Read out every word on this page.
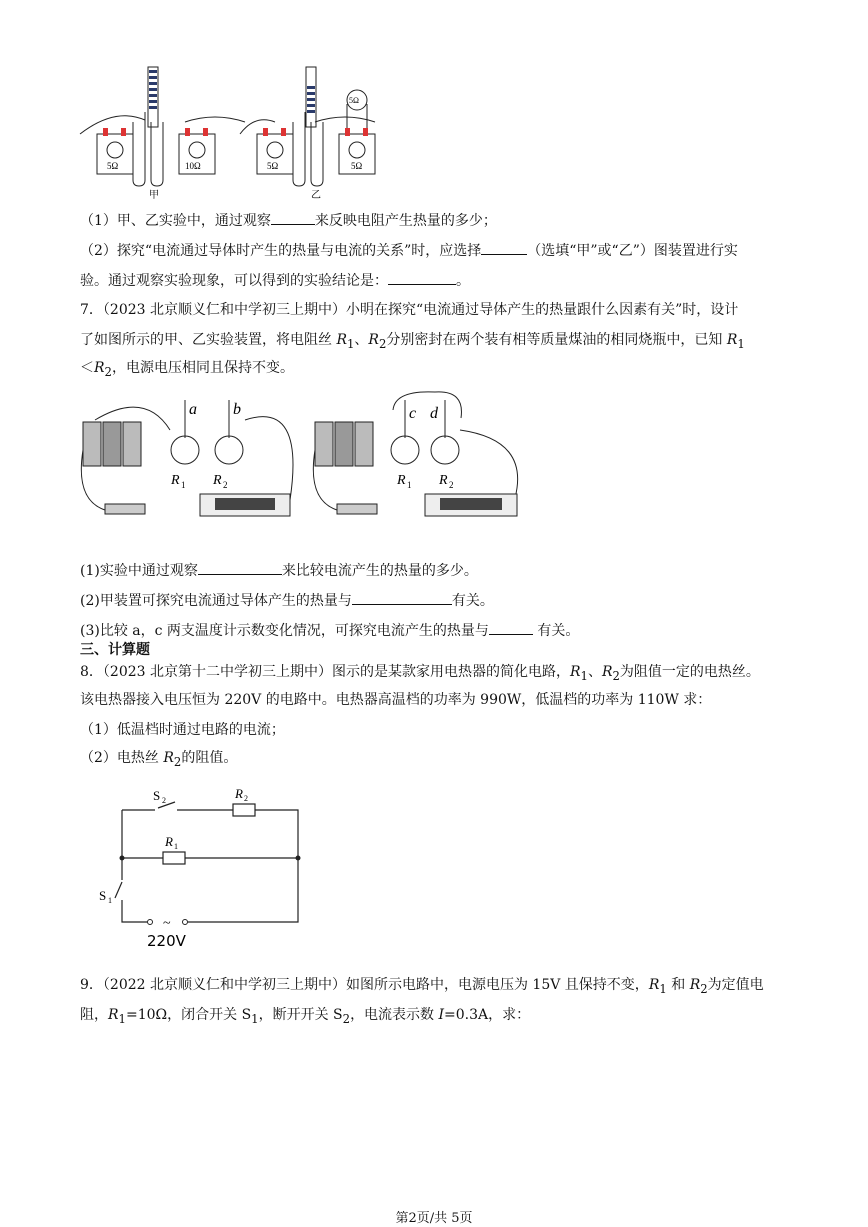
5Ω	10Ω
甲
5Ω	5Ω
5Ω
乙
（1）甲、乙实验中，通过观察	来反映电阻产生热量的多少；
（2）探究“电流通过导体时产生的热量与电流的关系”时，应选择	（选填“甲”或“乙”）图装置进行实
验。通过观察实验现象，可以得到的实验结论是：	。
7．（2023 北京顺义仁和中学初三上期中）小明在探究“电流通过导体产生的热量跟什么因素有关”时，设计
了如图所示的甲、乙实验装置，将电阻丝 $R_1$、$R_2$分别密封在两个装有相等质量煤油的相同烧瓶中，已知 $R_1$
$<R_2$，电源电压相同且保持不变。
a b
R 1 R 2
c d
R 1 R 2
(1)实验中通过观察	来比较电流产生的热量的多少。
(2)甲装置可探究电流通过导体产生的热量与	有关。
(3)比较 a，c 两支温度计示数变化情况，可探究电流产生的热量与	有关。
三、计算题
8．（2023 北京第十二中学初三上期中）图示的是某款家用电热器的简化电路，$R_1$、$R_2$为阻值一定的电热丝。
该电热器接入电压恒为 220V 的电路中。电热器高温档的功率为 990W，低温档的功率为 110W 求：
（1）低温档时通过电路的电流；
（2）电热丝 $R_2$的阻值。
~
S 2	R 2
R 1
S 1
220V
9．（2022 北京顺义仁和中学初三上期中）如图所示电路中，电源电压为 15V 且保持不变，$R_1$ 和 $R_2$为定值电
阻，$R_1=10\Omega$，闭合开关 $S_1$，断开开关 $S_2$，电流表示数 I=0.3A，求：
第2页/共 5页
